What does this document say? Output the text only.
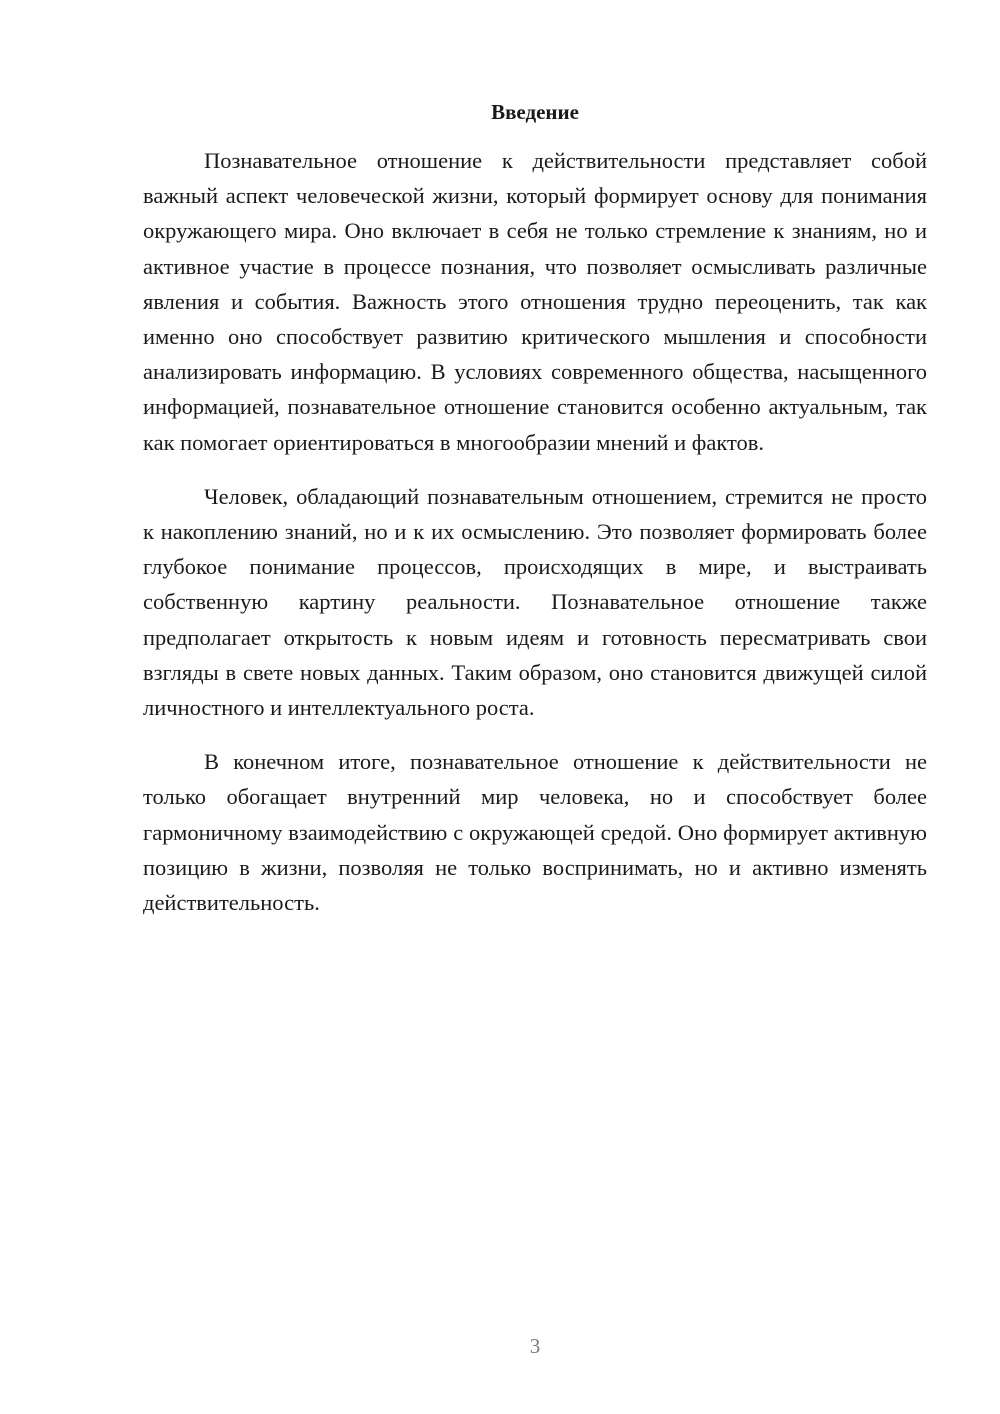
Введение

Познавательное отношение к действительности представляет собой важный аспект человеческой жизни, который формирует основу для понимания окружающего мира. Оно включает в себя не только стремление к знаниям, но и активное участие в процессе познания, что позволяет осмысливать различные явления и события. Важность этого отношения трудно переоценить, так как именно оно способствует развитию критического мышления и способности анализировать информацию. В условиях современного общества, насыщенного информацией, познавательное отношение становится особенно актуальным, так как помогает ориентироваться в многообразии мнений и фактов.

Человек, обладающий познавательным отношением, стремится не просто к накоплению знаний, но и к их осмыслению. Это позволяет формировать более глубокое понимание процессов, происходящих в мире, и выстраивать собственную картину реальности. Познавательное отношение также предполагает открытость к новым идеям и готовность пересматривать свои взгляды в свете новых данных. Таким образом, оно становится движущей силой личностного и интеллектуального роста.

В конечном итоге, познавательное отношение к действительности не только обогащает внутренний мир человека, но и способствует более гармоничному взаимодействию с окружающей средой. Оно формирует активную позицию в жизни, позволяя не только воспринимать, но и активно изменять действительность.

3
